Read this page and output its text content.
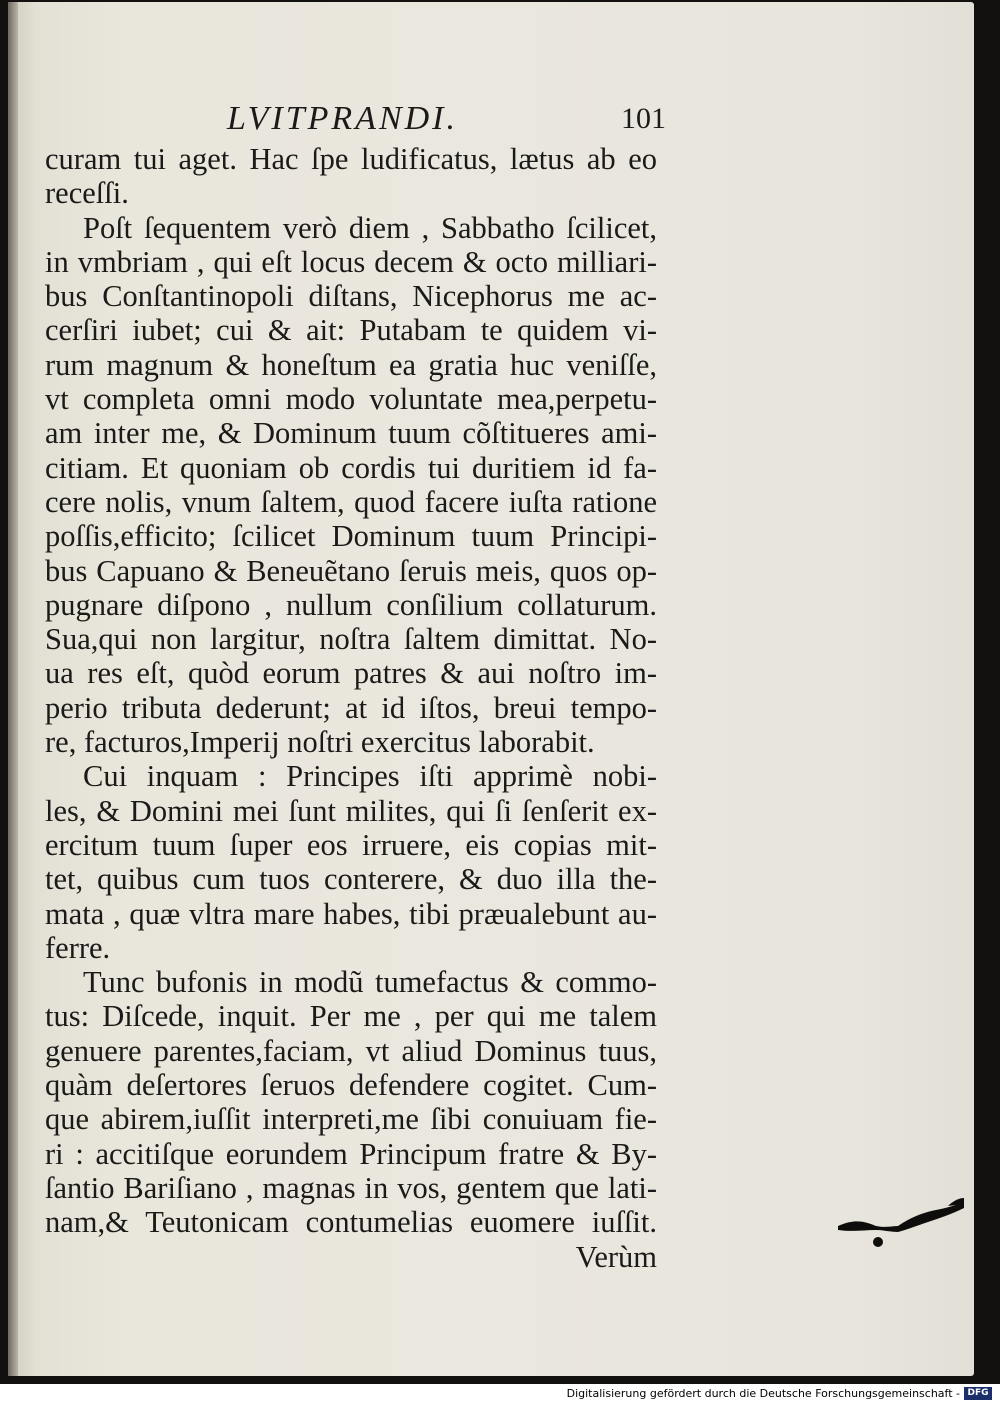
LVITPRANDI.	101
curam tui aget. Hac ſpe ludificatus, lætus ab eo
receſſi.
Poſt ſequentem verò diem , Sabbatho ſcilicet,
in vmbriam , qui eſt locus decem & octo milliari-
bus Conſtantinopoli diſtans, Nicephorus me ac-
cerſiri iubet; cui & ait: Putabam te quidem vi-
rum magnum & honeſtum ea gratia huc veniſſe,
vt completa omni modo voluntate mea,perpetu-
am inter me, & Dominum tuum cõſtitueres ami-
citiam. Et quoniam ob cordis tui duritiem id fa-
cere nolis, vnum ſaltem, quod facere iuſta ratione
poſſis,efficito; ſcilicet Dominum tuum Principi-
bus Capuano & Beneuẽtano ſeruis meis, quos op-
pugnare diſpono , nullum conſilium collaturum.
Sua,qui non largitur, noſtra ſaltem dimittat. No-
ua res eſt, quòd eorum patres & aui noſtro im-
perio tributa dederunt; at id iſtos, breui tempo-
re, facturos,Imperij noſtri exercitus laborabit.
Cui inquam : Principes iſti apprimè nobi-
les, & Domini mei ſunt milites, qui ſi ſenſerit ex-
ercitum tuum ſuper eos irruere, eis copias mit-
tet, quibus cum tuos conterere, & duo illa the-
mata , quæ vltra mare habes, tibi præualebunt au-
ferre.
Tunc bufonis in modũ tumefactus & commo-
tus: Diſcede, inquit. Per me , per qui me talem
genuere parentes,faciam, vt aliud Dominus tuus,
quàm deſertores ſeruos defendere cogitet. Cum-
que abirem,iuſſit interpreti,me ſibi conuiuam fie-
ri : accitiſque eorundem Principum fratre & By-
ſantio Bariſiano , magnas in vos, gentem que lati-
nam,& Teutonicam contumelias euomere iuſſit.
Verùm
Digitalisierung gefördert durch die Deutsche Forschungsgemeinschaft - DFG
